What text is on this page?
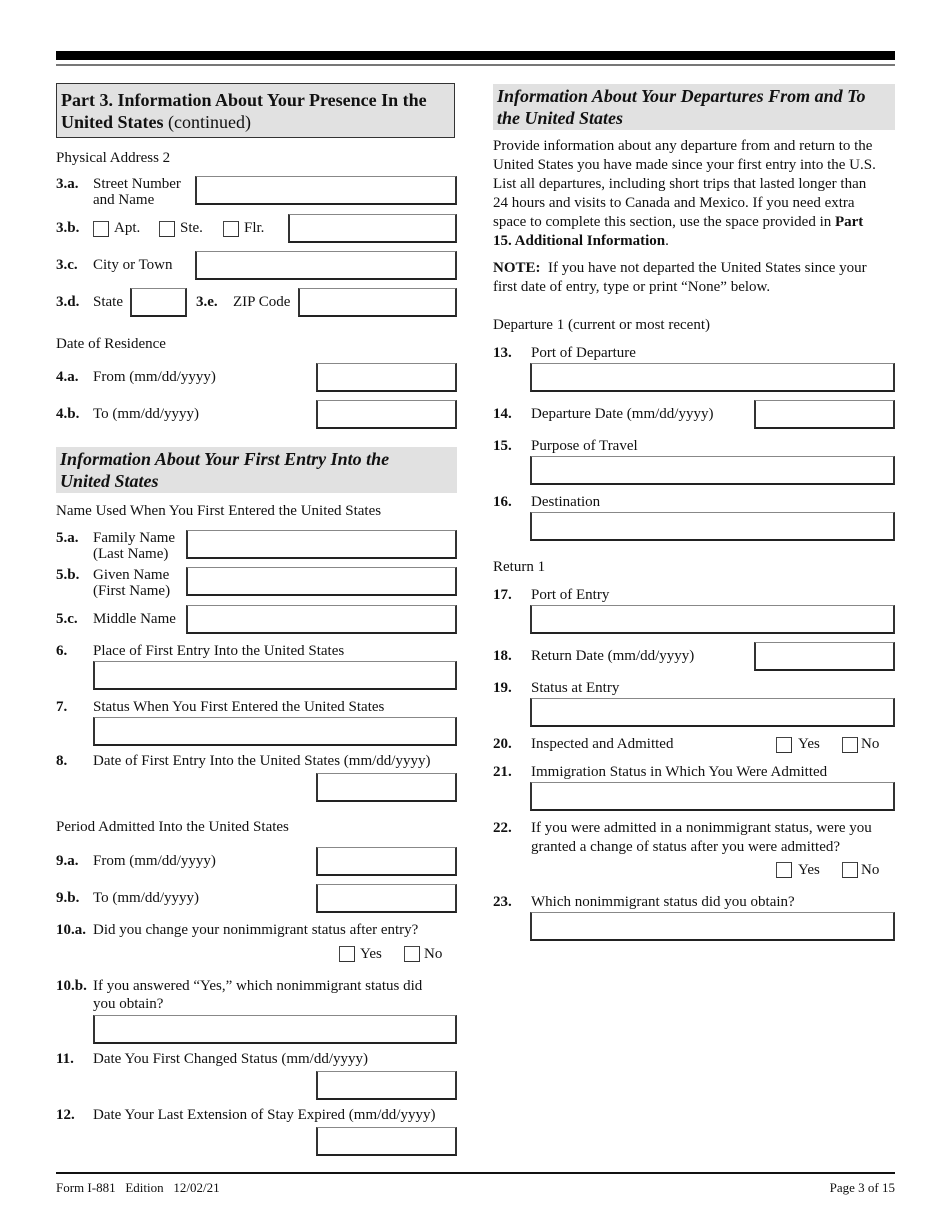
Part 3. Information About Your Presence In the
United States (continued)
Physical Address 2
3.a. Street Number
and Name
3.b. Apt.	Ste.	Flr.
3.c. City or Town
3.d. State	3.e. ZIP Code
Date of Residence
4.a. From (mm/dd/yyyy)
4.b. To (mm/dd/yyyy)
Information About Your First Entry Into the
United States
Name Used When You First Entered the United States
5.a. Family Name
(Last Name)
5.b. Given Name
(First Name)
5.c. Middle Name
6. Place of First Entry Into the United States
7. Status When You First Entered the United States
8. Date of First Entry Into the United States (mm/dd/yyyy)
Period Admitted Into the United States
9.a. From (mm/dd/yyyy)
9.b. To (mm/dd/yyyy)
10.a. Did you change your nonimmigrant status after entry?
Yes	No
10.b. If you answered “Yes,” which nonimmigrant status did
you obtain?
11. Date You First Changed Status (mm/dd/yyyy)
12. Date Your Last Extension of Stay Expired (mm/dd/yyyy)
Information About Your Departures From and To
the United States
Provide information about any departure from and return to the
United States you have made since your first entry into the U.S.
List all departures, including short trips that lasted longer than
24 hours and visits to Canada and Mexico. If you need extra
space to complete this section, use the space provided in Part
15. Additional Information.
NOTE:  If you have not departed the United States since your
first date of entry, type or print “None” below.
Departure 1 (current or most recent)
13. Port of Departure
14. Departure Date (mm/dd/yyyy)
15. Purpose of Travel
16. Destination
Return 1
17. Port of Entry
18. Return Date (mm/dd/yyyy)
19. Status at Entry
20. Inspected and Admitted	Yes	No
21. Immigration Status in Which You Were Admitted
22. If you were admitted in a nonimmigrant status, were you
granted a change of status after you were admitted?
Yes	No
23. Which nonimmigrant status did you obtain?
Form I-881   Edition   12/02/21	Page 3 of 15
